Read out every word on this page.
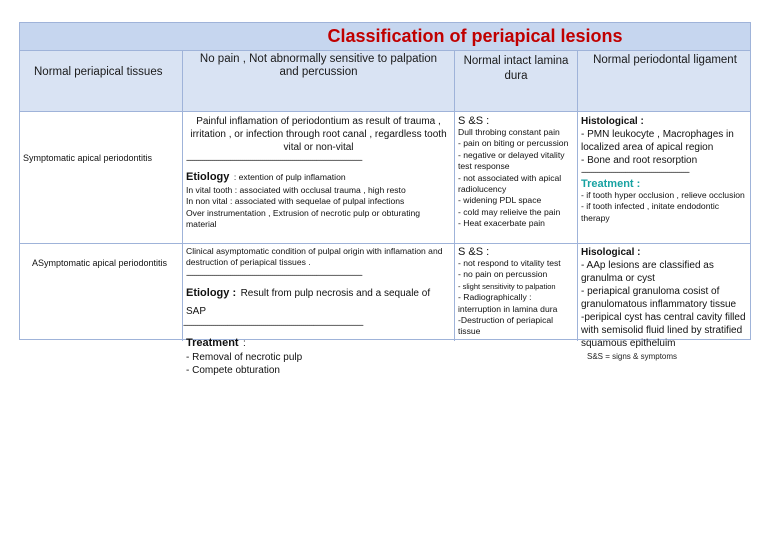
Classification of periapical lesions
Normal periapical tissues
No pain , Not abnormally sensitive to palpation and percussion
Normal intact lamina dura
Normal periodontal ligament
Symptomatic apical periodontitis

Painful inflamation of periodontium as result of trauma , irritation , or infection through root canal , regardless tooth vital or non-vital

----------------------------------------------------------------------------------------

Etiology : extention of pulp inflamation

In vital tooth : associated with occlusal trauma , high resto

In non vital : associated with sequelae of pulpal infections

Over instrumentation , Extrusion of necrotic pulp or obturating material

S &S :

Dull throbing constant pain

- pain on biting or percussion

- negative or delayed vitality test response

- not associated with apical radiolucency

- widening PDL space

- cold may relieive the pain

- Heat exacerbate pain

Histological :

- PMN leukocyte , Macrophages in localized area of apical region

- Bone and root resorption

------------------------------------------------------

Treatment :

- if tooth hyper occlusion , relieve occlusion

- if tooth infected , initate endodontic therapy

ASymptomatic apical periodontitis

Clinical asymptomatic condition of pulpal origin with inflamation and destruction of periapical tissues .

----------------------------------------------------------------------------------------

Etiology : Result from pulp necrosis and a sequale of SAP

------------------------------------------------------------------------------------------

Treatment :

- Removal of necrotic pulp

- Compete obturation

S &S :

- not respond to vitality test

- no pain on percussion

- slight sensitivity to palpation

- Radiographically : interruption in lamina dura

-Destruction of periapical tissue

Hisological :

- AAp lesions are classified as granulma or cyst

- periapical granuloma cosist of granulomatous inflammatory tissue

-peripical cyst has central cavity filled with semisolid fluid lined by stratified squamous epitheluim

S&S = signs & symptoms
